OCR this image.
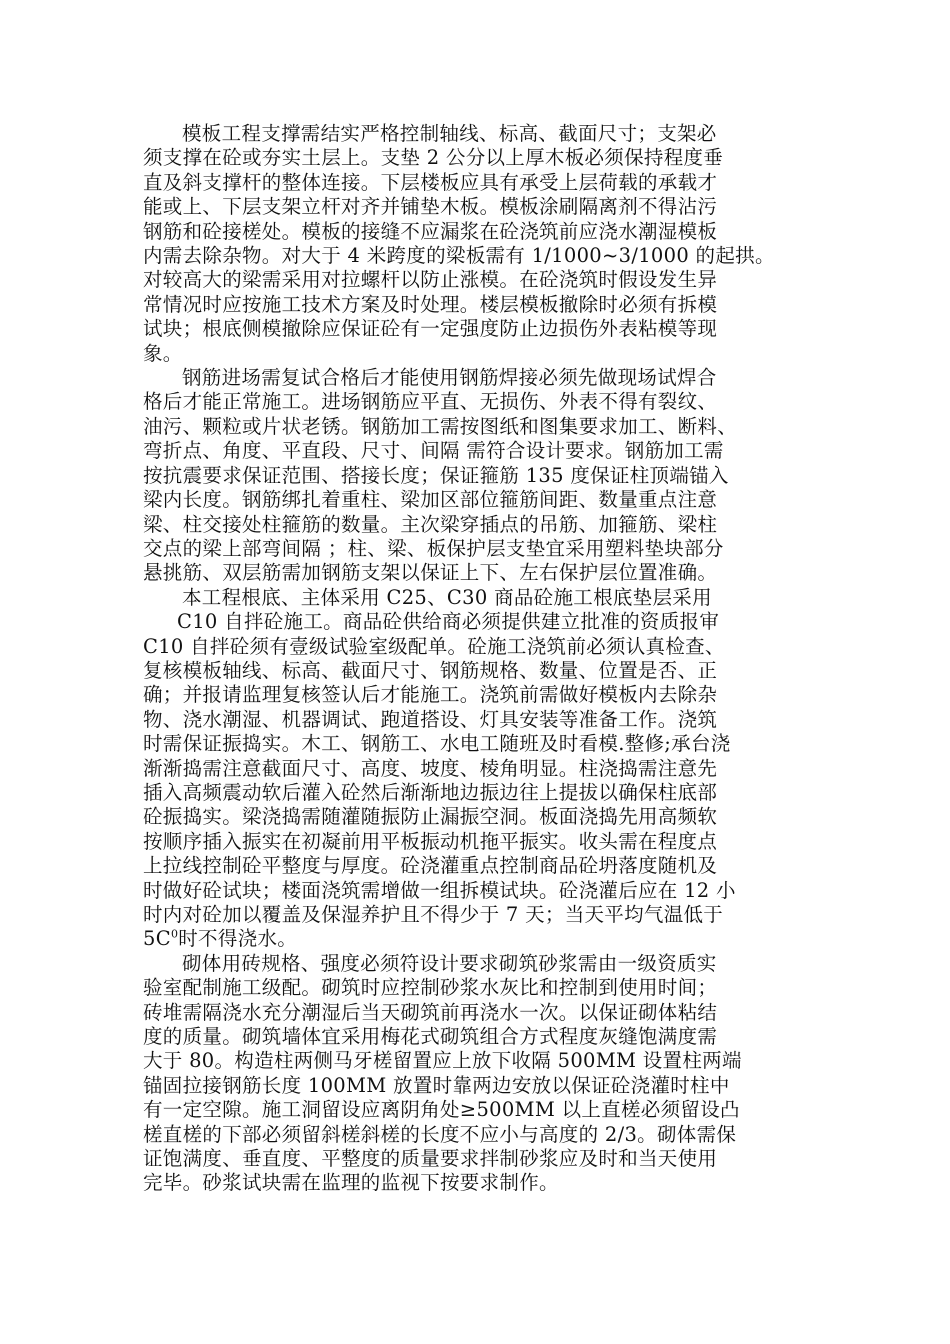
模板工程支撑需结实严格控制轴线、标高、截面尺寸；支架必
须支撑在砼或夯实土层上。支垫 2 公分以上厚木板必须保持程度垂
直及斜支撑杆的整体连接。下层楼板应具有承受上层荷载的承载才
能或上、下层支架立杆对齐并铺垫木板。模板涂刷隔离剂不得沾污
钢筋和砼接槎处。模板的接缝不应漏浆在砼浇筑前应浇水潮湿模板
内需去除杂物。对大于 4 米跨度的梁板需有 1/1000~3/1000 的起拱。
对较高大的梁需采用对拉螺杆以防止涨模。在砼浇筑时假设发生异
常情况时应按施工技术方案及时处理。楼层模板撤除时必须有拆模
试块；根底侧模撤除应保证砼有一定强度防止边损伤外表粘模等现
象。
钢筋进场需复试合格后才能使用钢筋焊接必须先做现场试焊合
格后才能正常施工。进场钢筋应平直、无损伤、外表不得有裂纹、
油污、颗粒或片状老锈。钢筋加工需按图纸和图集要求加工、断料、
弯折点、角度、平直段、尺寸、间隔 需符合设计要求。钢筋加工需
按抗震要求保证范围、搭接长度；保证箍筋 135 度保证柱顶端锚入
梁内长度。钢筋绑扎着重柱、梁加区部位箍筋间距、数量重点注意
梁、柱交接处柱箍筋的数量。主次梁穿插点的吊筋、加箍筋、梁柱
交点的梁上部弯间隔 ；柱、梁、板保护层支垫宜采用塑料垫块部分
悬挑筋、双层筋需加钢筋支架以保证上下、左右保护层位置准确。
本工程根底、主体采用 C25、C30 商品砼施工根底垫层采用
C10 自拌砼施工。商品砼供给商必须提供建立批准的资质报审
C10 自拌砼须有壹级试验室级配单。砼施工浇筑前必须认真检查、
复核模板轴线、标高、截面尺寸、钢筋规格、数量、位置是否、正
确；并报请监理复核签认后才能施工。浇筑前需做好模板内去除杂
物、浇水潮湿、机器调试、跑道搭设、灯具安装等准备工作。浇筑
时需保证振捣实。木工、钢筋工、水电工随班及时看模.整修;承台浇
渐渐捣需注意截面尺寸、高度、坡度、棱角明显。柱浇捣需注意先
插入高频震动软后灌入砼然后渐渐地边振边往上提拔以确保柱底部
砼振捣实。梁浇捣需随灌随振防止漏振空洞。板面浇捣先用高频软
按顺序插入振实在初凝前用平板振动机拖平振实。收头需在程度点
上拉线控制砼平整度与厚度。砼浇灌重点控制商品砼坍落度随机及
时做好砼试块；楼面浇筑需增做一组拆模试块。砼浇灌后应在 12 小
时内对砼加以覆盖及保湿养护且不得少于 7 天；当天平均气温低于
$5C^0$时不得浇水。
砌体用砖规格、强度必须符设计要求砌筑砂浆需由一级资质实
验室配制施工级配。砌筑时应控制砂浆水灰比和控制到使用时间；
砖堆需隔浇水充分潮湿后当天砌筑前再浇水一次。以保证砌体粘结
度的质量。砌筑墙体宜采用梅花式砌筑组合方式程度灰缝饱满度需
大于 80。构造柱两侧马牙槎留置应上放下收隔 500MM 设置柱两端
锚固拉接钢筋长度 100MM 放置时靠两边安放以保证砼浇灌时柱中
有一定空隙。施工洞留设应离阴角处≥500MM 以上直槎必须留设凸
槎直槎的下部必须留斜槎斜槎的长度不应小与高度的 2/3。砌体需保
证饱满度、垂直度、平整度的质量要求拌制砂浆应及时和当天使用
完毕。砂浆试块需在监理的监视下按要求制作。
